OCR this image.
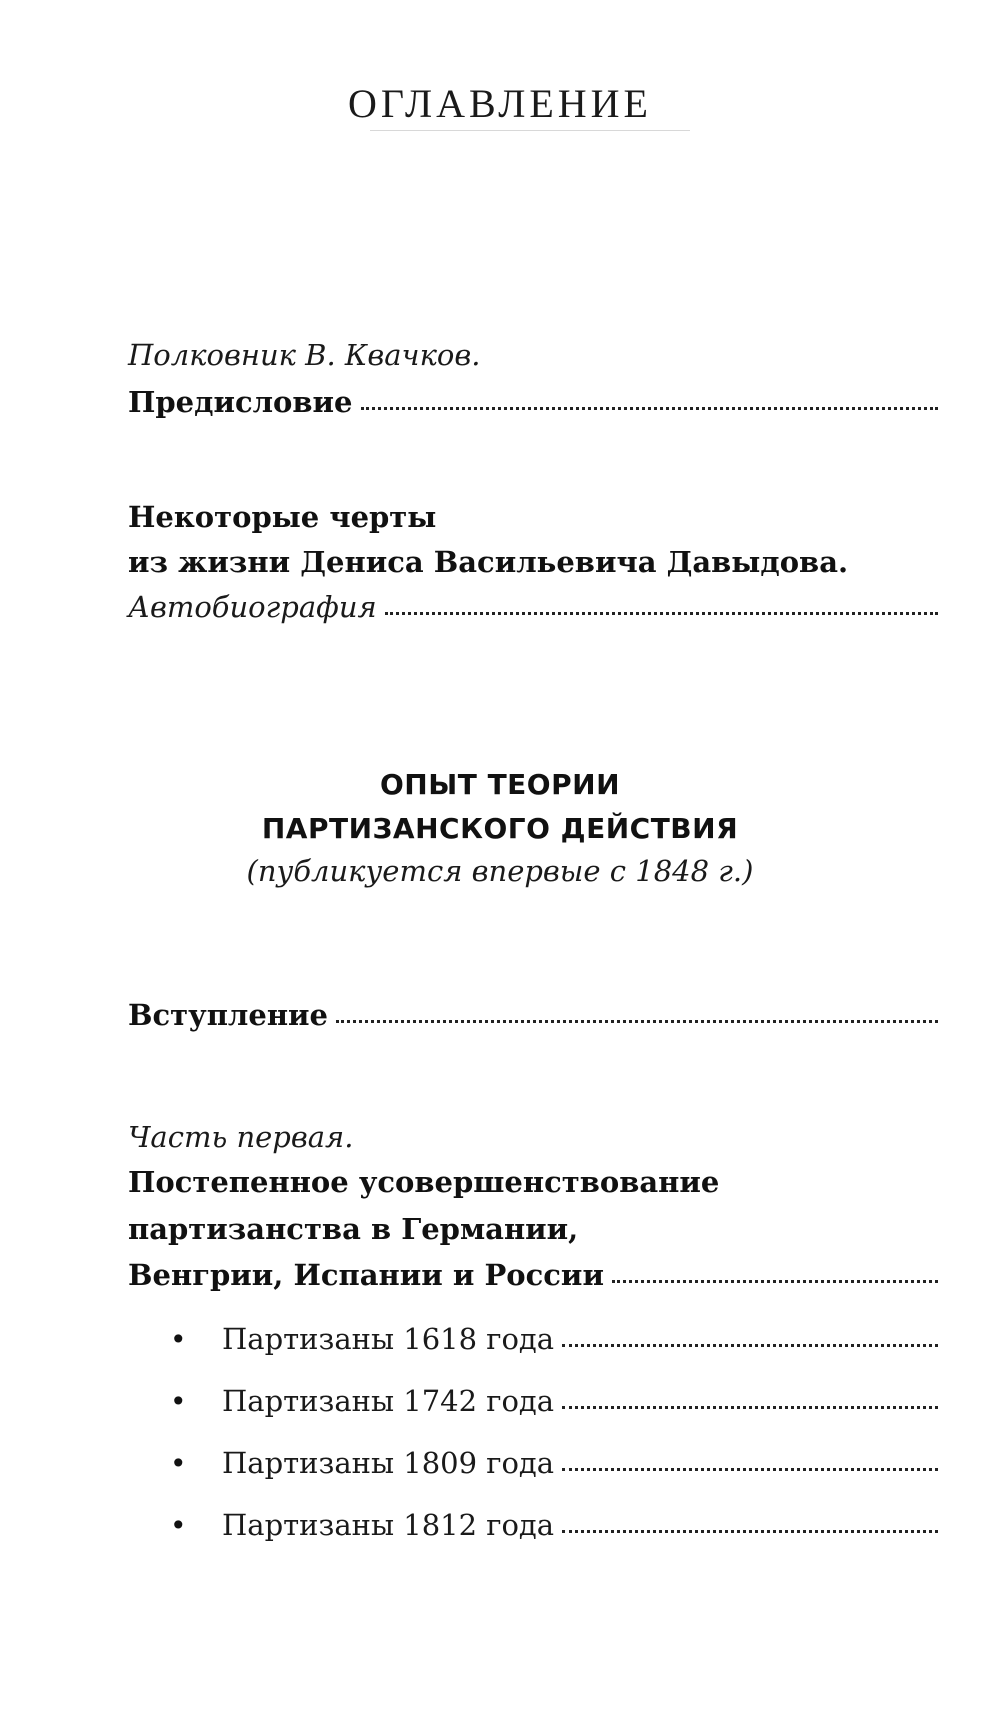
ОГЛАВЛЕНИЕ
Полковник В. Квачков.
Предисловие
Некоторые черты
из жизни Дениса Васильевича Давыдова.
Автобиография
ОПЫТ ТЕОРИИ
ПАРТИЗАНСКОГО ДЕЙСТВИЯ
(публикуется впервые с 1848 г.)
Вступление
Часть первая.
Постепенное усовершенствование
партизанства в Германии,
Венгрии, Испании и России
•	Партизаны 1618 года
•	Партизаны 1742 года
•	Партизаны 1809 года
•	Партизаны 1812 года
